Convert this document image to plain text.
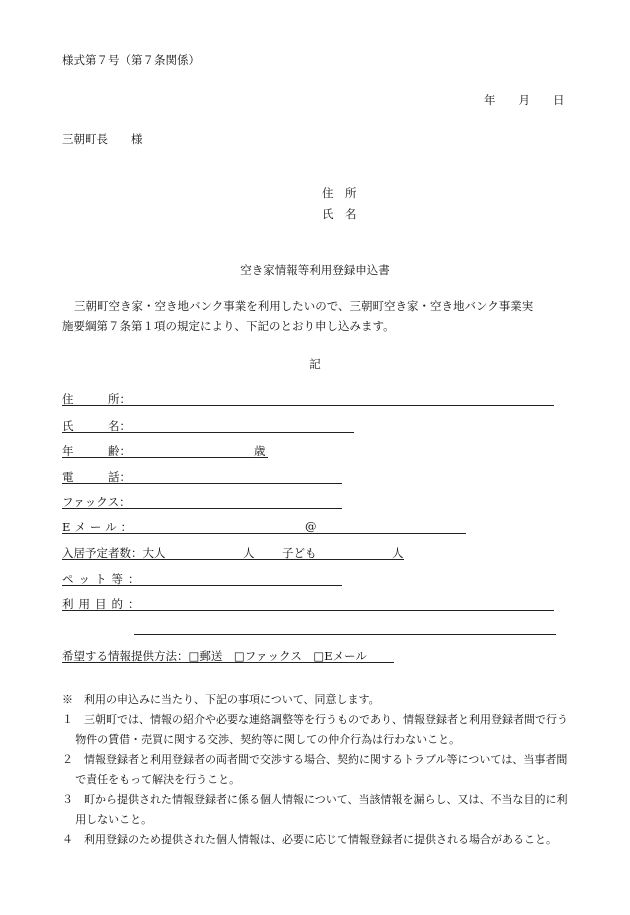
様式第７号（第７条関係）
年　　月　　日
三朝町長　　様
住　所
氏　名
空き家情報等利用登録申込書
三朝町空き家・空き地バンク事業を利用したいので、三朝町空き家・空き地バンク事業実
施要綱第７条第１項の規定により、下記のとおり申し込みます。
記
住　　　所：
氏　　　名：
年　　　齢：	歳
電　　　話：
ファックス：
Eメール：	@
入居予定者数：大人	人 子ども	人
ペット等：
利用目的：
希望する情報提供方法：□郵送　□ファックス　□Eメール

※　利用の申込みに当たり、下記の事項について、同意します。

１　三朝町では、情報の紹介や必要な連絡調整等を行うものであり、情報登録者と利用登録者間で行う物件の賃借・売買に関する交渉、契約等に関しての仲介行為は行わないこと。

２　情報登録者と利用登録者の両者間で交渉する場合、契約に関するトラブル等については、当事者間で責任をもって解決を行うこと。

３　町から提供された情報登録者に係る個人情報について、当該情報を漏らし、又は、不当な目的に利用しないこと。

４　利用登録のため提供された個人情報は、必要に応じて情報登録者に提供される場合があること。
